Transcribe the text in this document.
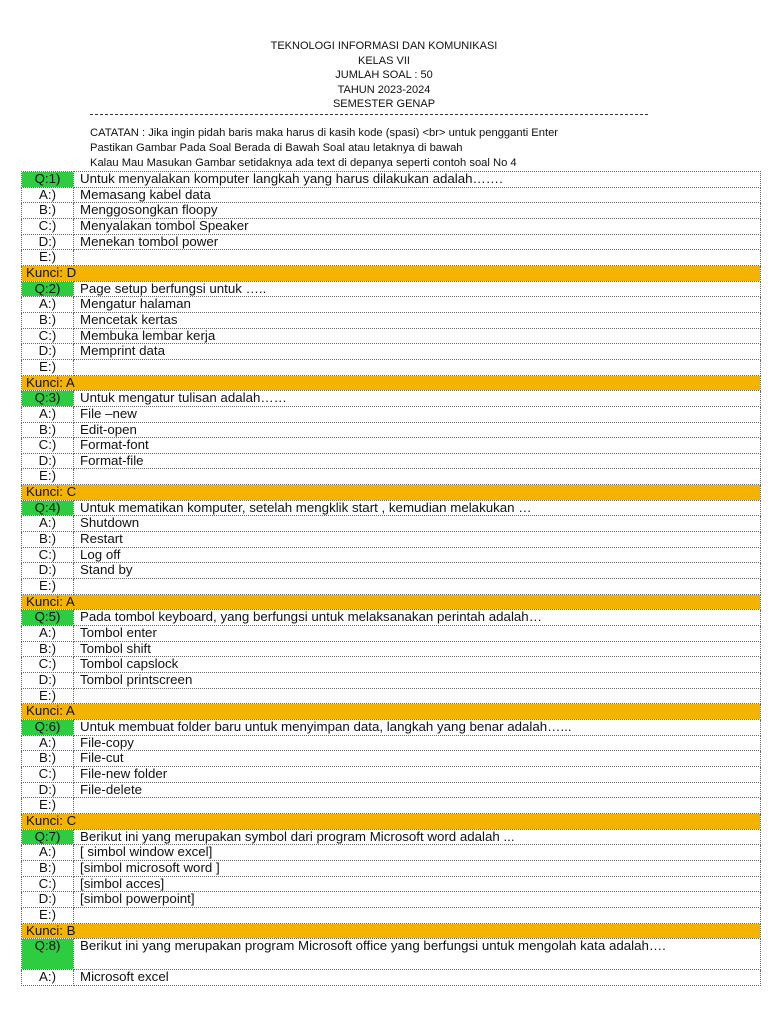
TEKNOLOGI INFORMASI DAN KOMUNIKASI
KELAS VII
JUMLAH SOAL : 50
TAHUN 2023-2024
SEMESTER GENAP
CATATAN : Jika ingin pidah baris maka harus di kasih kode (spasi) <br> untuk pengganti Enter
Pastikan Gambar Pada Soal Berada di Bawah Soal atau letaknya di bawah
Kalau Mau Masukan Gambar setidaknya ada text di depanya seperti contoh soal No 4
Q:1)	Untuk menyalakan komputer langkah yang harus dilakukan adalah…….
A:)	Memasang kabel data
B:)	Menggosongkan floopy
C:)	Menyalakan tombol Speaker
D:)	Menekan tombol power
E:)	
Kunci: D	
Q:2)	Page setup berfungsi untuk …..
A:)	Mengatur halaman
B:)	Mencetak kertas
C:)	Membuka lembar kerja
D:)	Memprint data
E:)	
Kunci: A	
Q:3)	Untuk mengatur tulisan adalah……
A:)	File –new
B:)	Edit-open
C:)	Format-font
D:)	Format-file
E:)	
Kunci: C	
Q:4)	Untuk mematikan komputer, setelah mengklik start , kemudian melakukan …
A:)	Shutdown
B:)	Restart
C:)	Log off
D:)	Stand by
E:)	
Kunci: A	
Q:5)	Pada tombol keyboard, yang berfungsi untuk melaksanakan perintah adalah…
A:)	Tombol enter
B:)	Tombol shift
C:)	Tombol capslock
D:)	Tombol printscreen
E:)	
Kunci: A	
Q:6)	Untuk membuat folder baru untuk menyimpan data, langkah yang benar adalah…...
A:)	File-copy
B:)	File-cut
C:)	File-new folder
D:)	File-delete
E:)	
Kunci: C	
Q:7)	Berikut ini yang merupakan symbol dari program Microsoft word adalah ...
A:)	[ simbol window excel]
B:)	[simbol microsoft word ]
C:)	[simbol acces]
D:)	[simbol powerpoint]
E:)	
Kunci: B	
Q:8)	Berikut ini yang merupakan program Microsoft office yang berfungsi untuk mengolah kata adalah….
A:)	Microsoft excel
